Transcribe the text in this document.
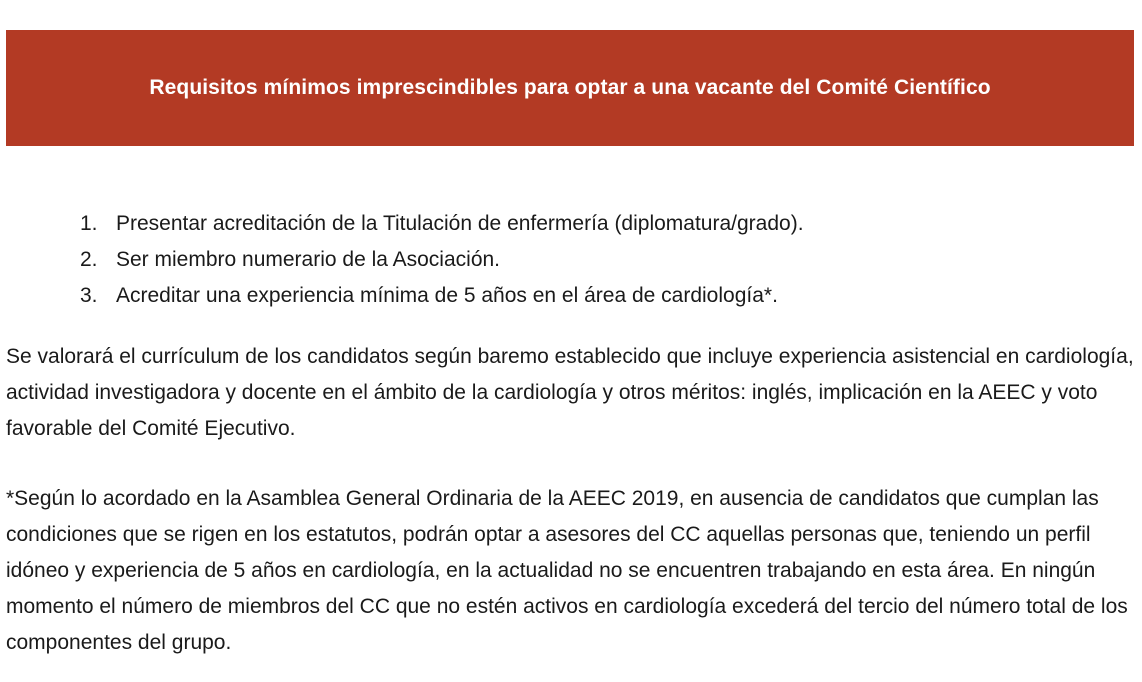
Requisitos mínimos imprescindibles para optar a una vacante del Comité Científico
1. Presentar acreditación de la Titulación de enfermería (diplomatura/grado).
2. Ser miembro numerario de la Asociación.
3. Acreditar una experiencia mínima de 5 años en el área de cardiología*.

Se valorará el currículum de los candidatos según baremo establecido que incluye experiencia asistencial en cardiología, actividad investigadora y docente en el ámbito de la cardiología y otros méritos: inglés, implicación en la AEEC y voto favorable del Comité Ejecutivo.

*Según lo acordado en la Asamblea General Ordinaria de la AEEC 2019, en ausencia de candidatos que cumplan las condiciones que se rigen en los estatutos, podrán optar a asesores del CC aquellas personas que, teniendo un perfil idóneo y experiencia de 5 años en cardiología, en la actualidad no se encuentren trabajando en esta área. En ningún momento el número de miembros del CC que no estén activos en cardiología excederá del tercio del número total de los componentes del grupo.
